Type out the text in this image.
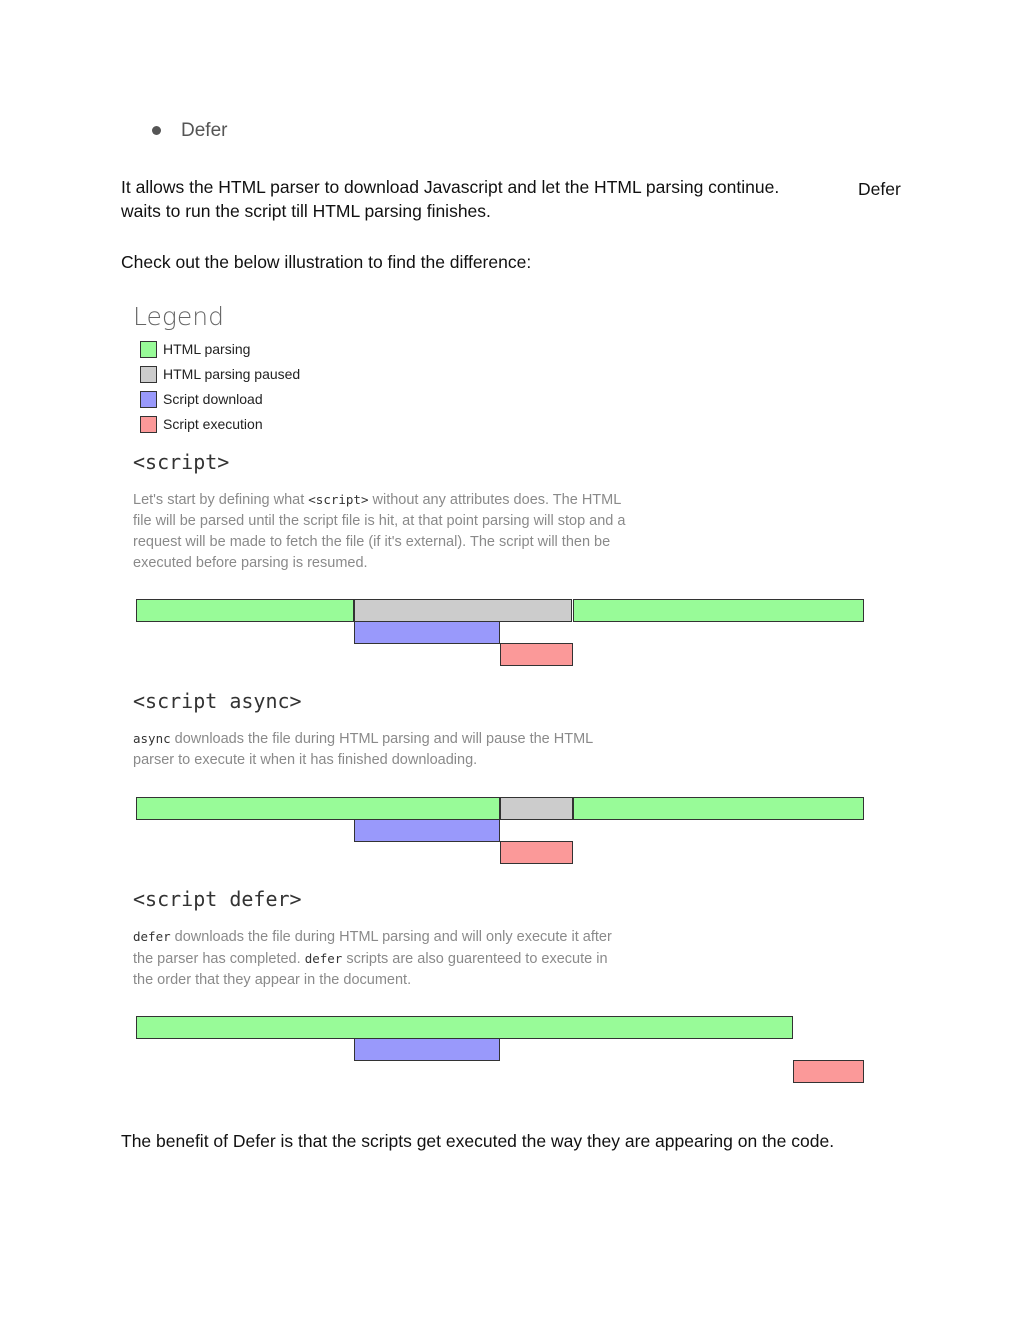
Defer
It allows the HTML parser to download Javascript and let the HTML parsing continue.	Defer
waits to run the script till HTML parsing finishes.
Check out the below illustration to find the difference:
Legend
HTML parsing
HTML parsing paused
Script download
Script execution
<script>
Let's start by defining what <script> without any attributes does. The HTML
file will be parsed until the script file is hit, at that point parsing will stop and a
request will be made to fetch the file (if it's external). The script will then be
executed before parsing is resumed.
<script async>
async downloads the file during HTML parsing and will pause the HTML
parser to execute it when it has finished downloading.
<script defer>
defer downloads the file during HTML parsing and will only execute it after
the parser has completed. defer scripts are also guarenteed to execute in
the order that they appear in the document.
The benefit of Defer is that the scripts get executed the way they are appearing on the code.
